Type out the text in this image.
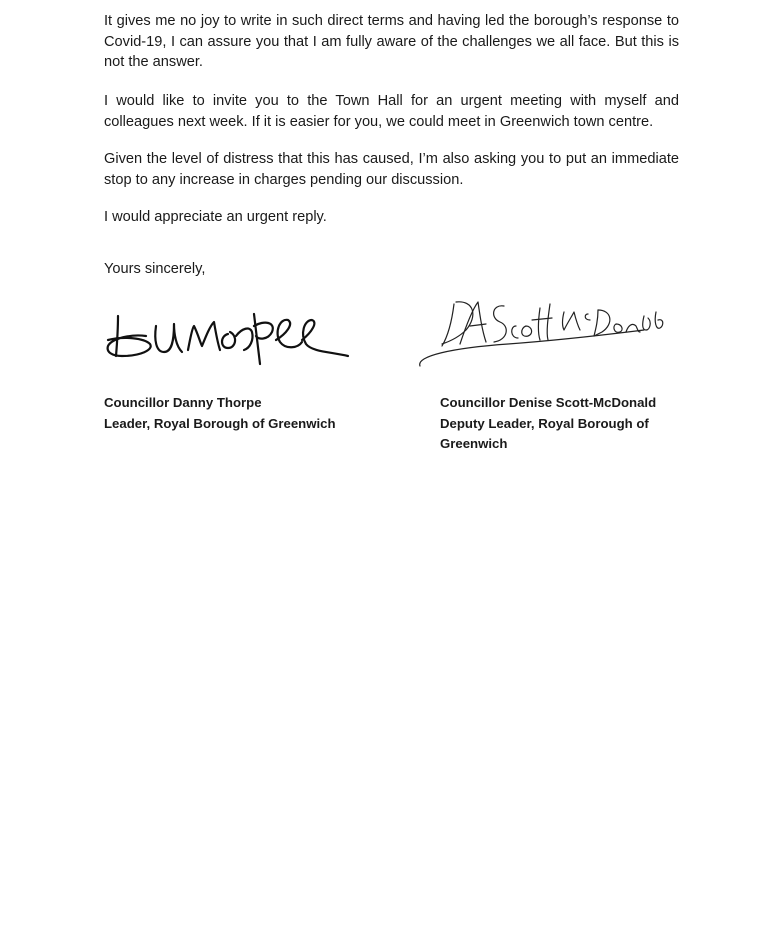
It gives me no joy to write in such direct terms and having led the borough’s response to Covid-19, I can assure you that I am fully aware of the challenges we all face. But this is not the answer.

I would like to invite you to the Town Hall for an urgent meeting with myself and colleagues next week. If it is easier for you, we could meet in Greenwich town centre.

Given the level of distress that this has caused, I’m also asking you to put an immediate stop to any increase in charges pending our discussion.

I would appreciate an urgent reply.

Yours sincerely,

Councillor Danny Thorpe
Leader, Royal Borough of Greenwich

Councillor Denise Scott-McDonald
Deputy Leader, Royal Borough of
Greenwich
